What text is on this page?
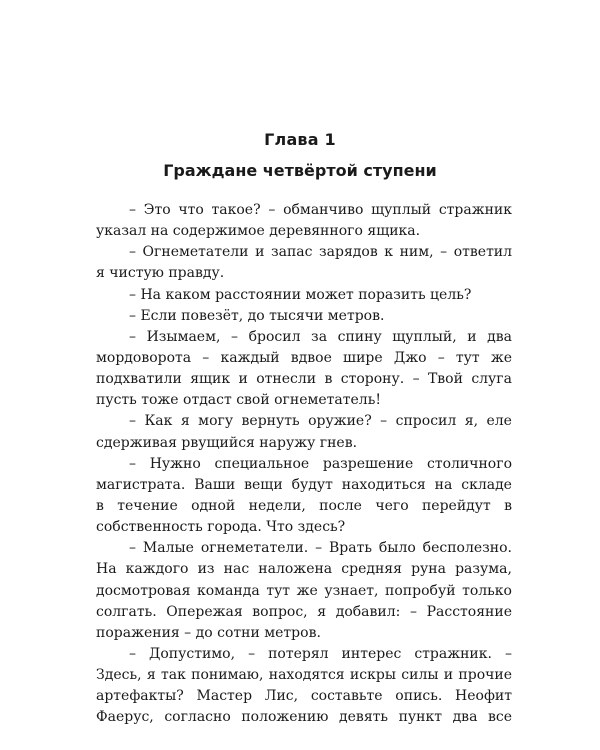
Глава 1
Граждане четвёртой ступени
– Это что такое? – обманчиво щуплый стражник
указал на содержимое деревянного ящика.
– Огнеметатели и запас зарядов к ним, – ответил
я чистую правду.
– На каком расстоянии может поразить цель?
– Если повезёт, до тысячи метров.
– Изымаем, – бросил за спину щуплый, и два
мордоворота – каждый вдвое шире Джо – тут же
подхватили ящик и отнесли в сторону. – Твой слуга
пусть тоже отдаст свой огнеметатель!
– Как я могу вернуть оружие? – спросил я, еле
сдерживая рвущийся наружу гнев.
– Нужно специальное разрешение столичного
магистрата. Ваши вещи будут находиться на складе
в течение одной недели, после чего перейдут в
собственность города. Что здесь?
– Малые огнеметатели. – Врать было бесполезно.
На каждого из нас наложена средняя руна разума,
досмотровая команда тут же узнает, попробуй только
солгать. Опережая вопрос, я добавил: – Расстояние
поражения – до сотни метров.
– Допустимо, – потерял интерес стражник. –
Здесь, я так понимаю, находятся искры силы и прочие
артефакты? Мастер Лис, составьте опись. Неофит
Фаерус, согласно положению девять пункт два все
